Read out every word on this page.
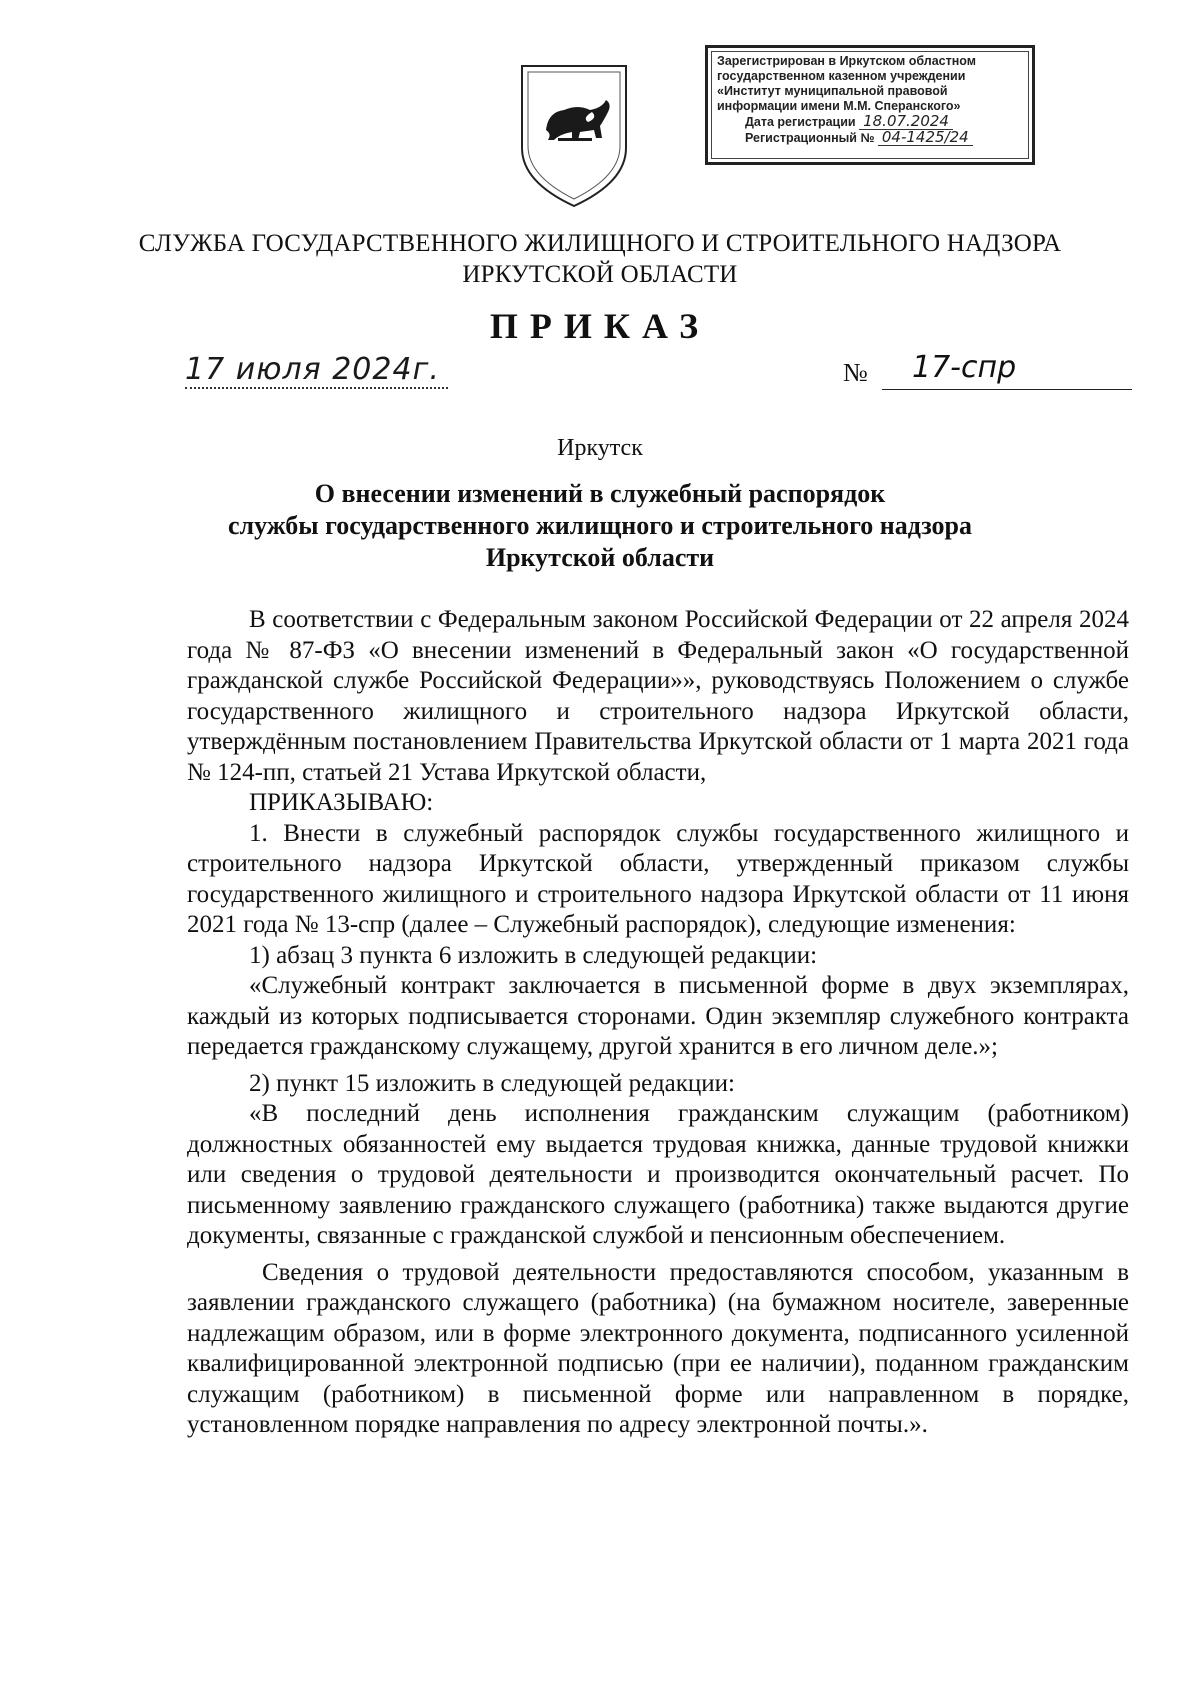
Зарегистрирован в Иркутском областном
государственном казенном учреждении
«Институт муниципальной правовой
информации имени М.М. Сперанского»
Дата регистрации 18.07.2024
Регистрационный № 04-1425/24
СЛУЖБА ГОСУДАРСТВЕННОГО ЖИЛИЩНОГО И СТРОИТЕЛЬНОГО НАДЗОРА
ИРКУТСКОЙ ОБЛАСТИ
ПРИКАЗ
17 июля 2024г.	№	17-спр
Иркутск
О внесении изменений в служебный распорядок
службы государственного жилищного и строительного надзора
Иркутской области

В соответствии с Федеральным законом Российской Федерации от 22 апреля 2024 года № 87-ФЗ «О внесении изменений в Федеральный закон «О государственной гражданской службе Российской Федерации»», руководствуясь Положением о службе государственного жилищного и строительного надзора Иркутской области, утверждённым постановлением Правительства Иркутской области от 1 марта 2021 года № 124-пп, статьей 21 Устава Иркутской области,

ПРИКАЗЫВАЮ:

1. Внести в служебный распорядок службы государственного жилищного и строительного надзора Иркутской области, утвержденный приказом службы государственного жилищного и строительного надзора Иркутской области от 11 июня 2021 года № 13-спр (далее – Служебный распорядок), следующие изменения:

1) абзац 3 пункта 6 изложить в следующей редакции:

«Служебный контракт заключается в письменной форме в двух экземплярах, каждый из которых подписывается сторонами. Один экземпляр служебного контракта передается гражданскому служащему, другой хранится в его личном деле.»;

2) пункт 15 изложить в следующей редакции:

«В последний день исполнения гражданским служащим (работником) должностных обязанностей ему выдается трудовая книжка, данные трудовой книжки или сведения о трудовой деятельности и производится окончательный расчет. По письменному заявлению гражданского служащего (работника) также выдаются другие документы, связанные с гражданской службой и пенсионным обеспечением.

Сведения о трудовой деятельности предоставляются способом, указанным в заявлении гражданского служащего (работника) (на бумажном носителе, заверенные надлежащим образом, или в форме электронного документа, подписанного усиленной квалифицированной электронной подписью (при ее наличии), поданном гражданским служащим (работником) в письменной форме или направленном в порядке, установленном порядке направления по адресу электронной почты.».
